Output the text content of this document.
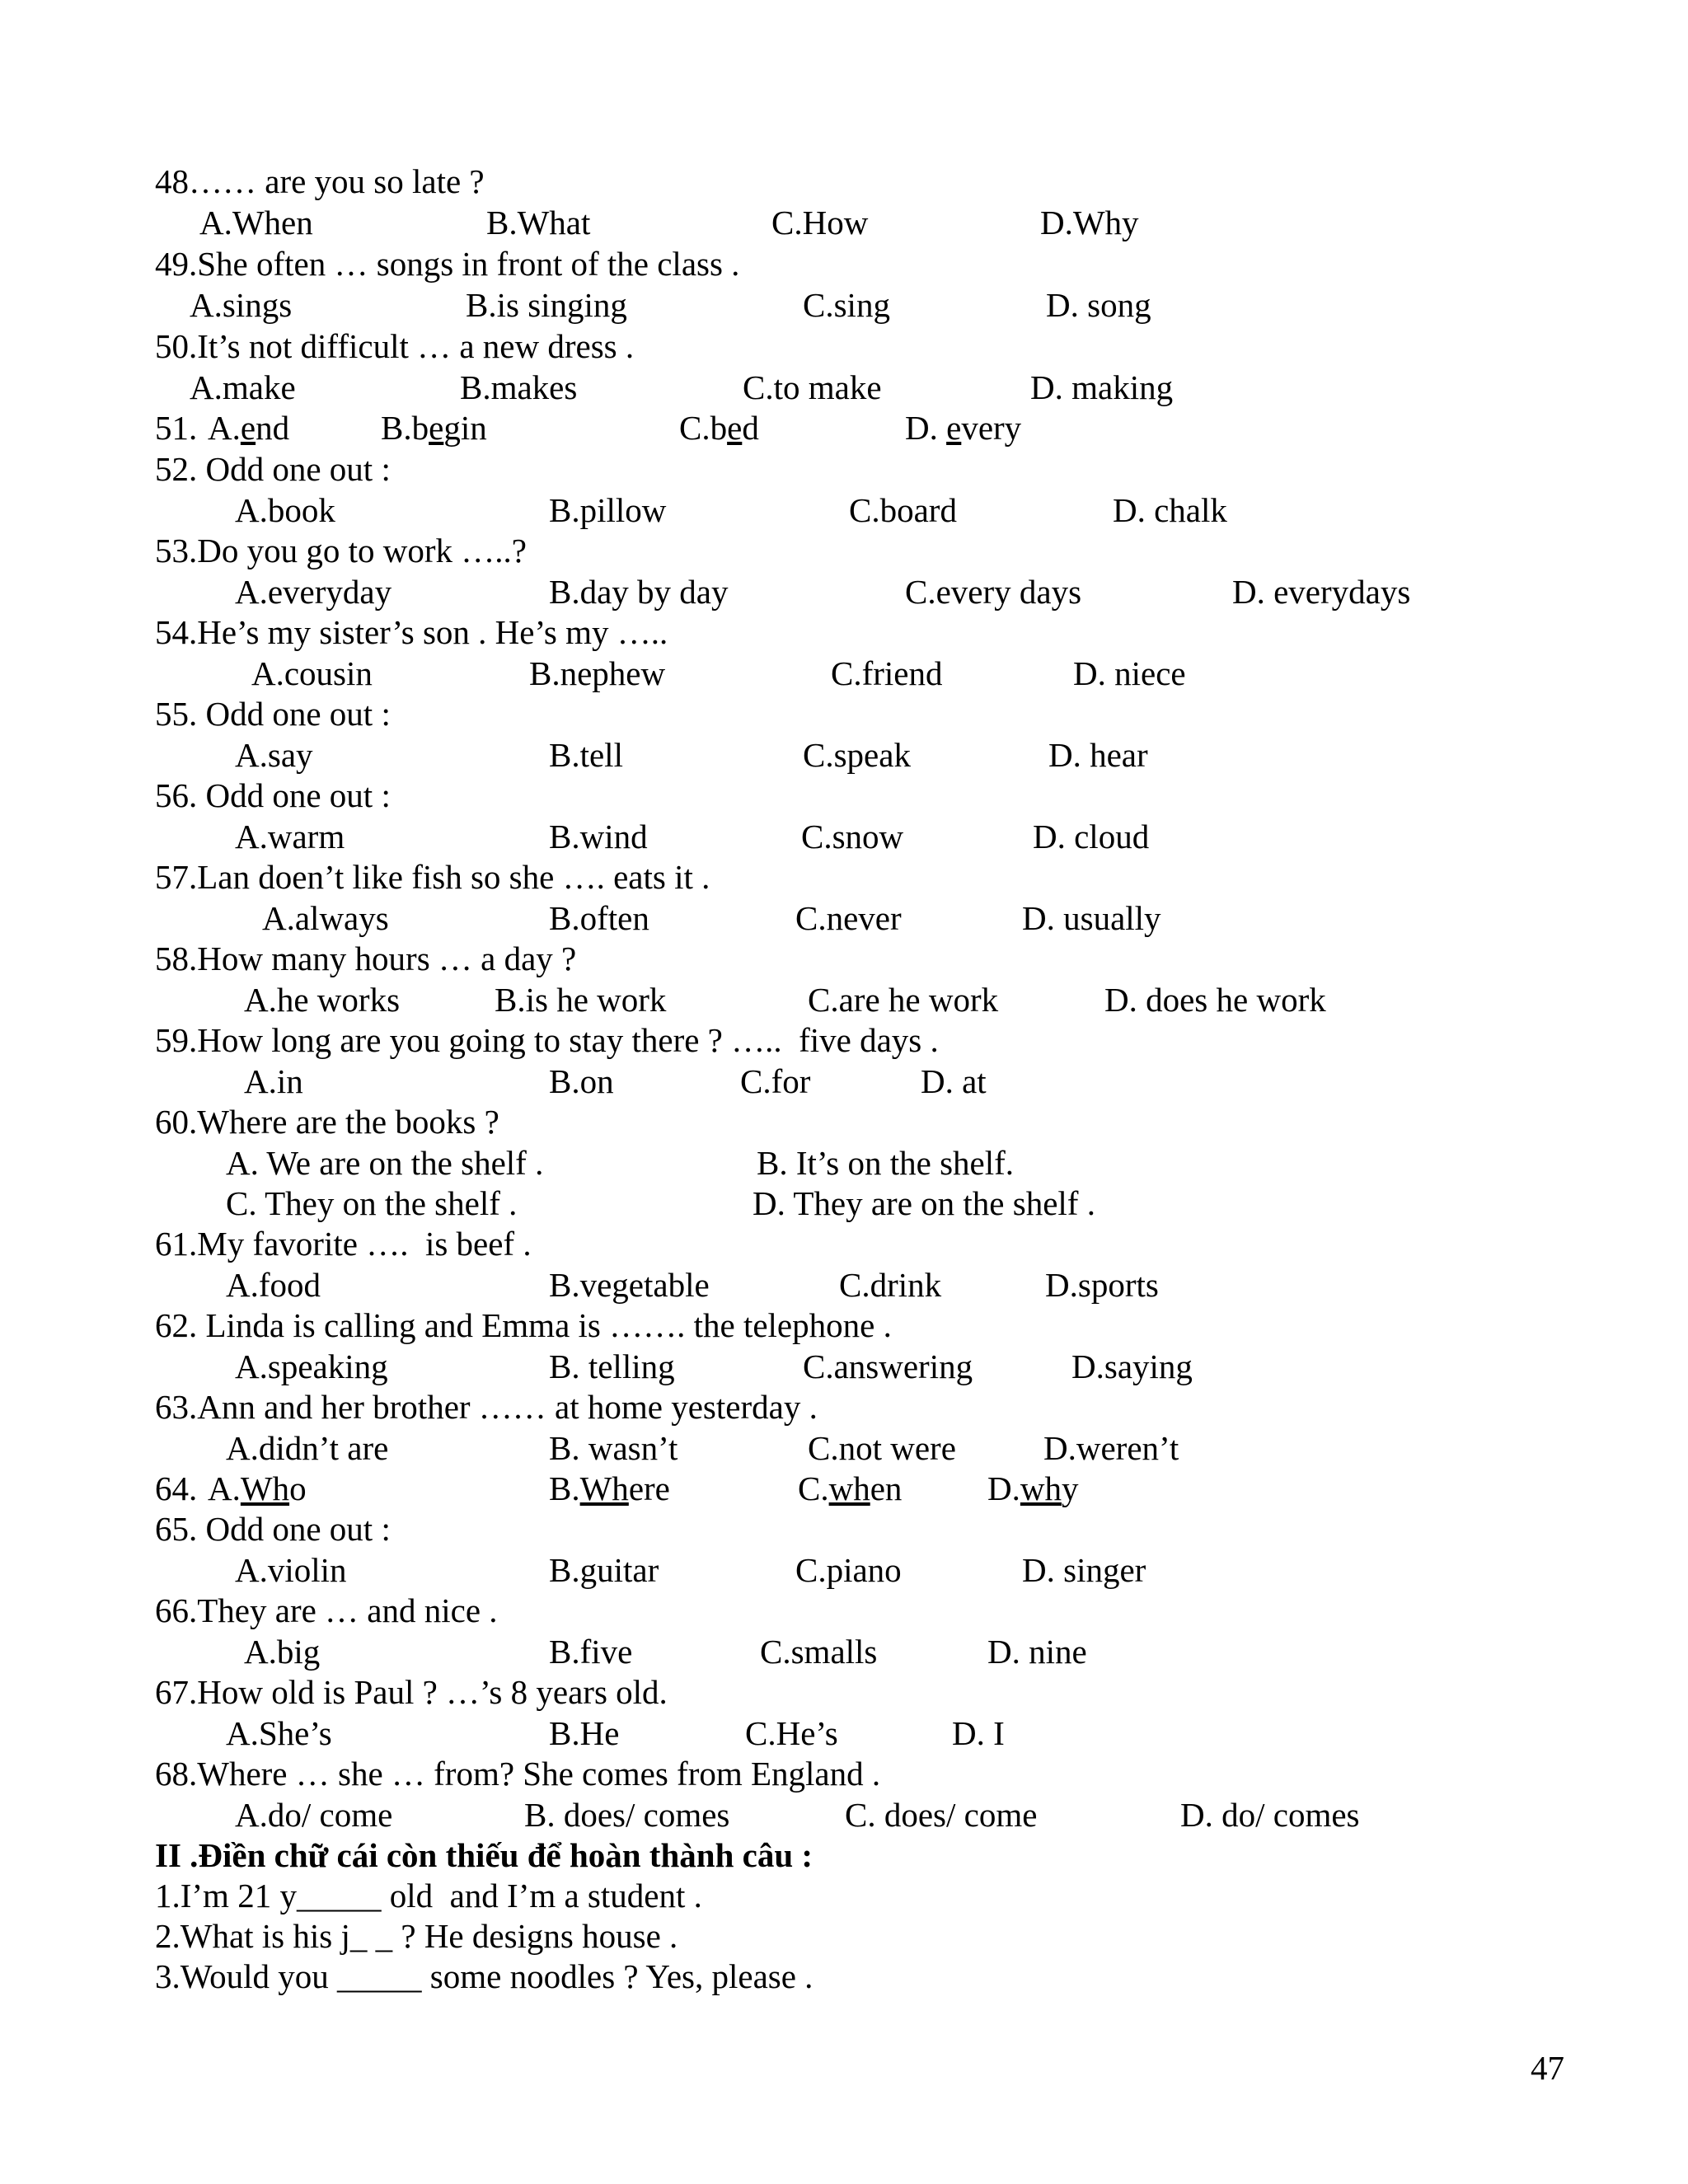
48…… are you so late ?
A.When	B.What	C.How	D.Why
49.She often … songs in front of the class .
A.sings	B.is singing	C.sing	D. song
50.It’s not difficult … a new dress .
A.make	B.makes	C.to make	D. making
51. A.end	B.begin	C.bed	D. every
52. Odd one out :
A.book	B.pillow	C.board	D. chalk
53.Do you go to work …..?
A.everyday	B.day by day	C.every days	D. everydays
54.He’s my sister’s son . He’s my …..
A.cousin	B.nephew	C.friend	D. niece
55. Odd one out :
A.say	B.tell	C.speak	D. hear
56. Odd one out :
A.warm	B.wind	C.snow	D. cloud
57.Lan doen’t like fish so she …. eats it .
A.always	B.often	C.never	D. usually
58.How many hours … a day ?
A.he works	B.is he work	C.are he work	D. does he work
59.How long are you going to stay there ? …..  five days .
A.in	B.on	C.for	D. at
60.Where are the books ?
A. We are on the shelf .	B. It’s on the shelf.
C. They on the shelf .	D. They are on the shelf .
61.My favorite ….  is beef .
A.food	B.vegetable	C.drink	D.sports
62. Linda is calling and Emma is ……. the telephone .
A.speaking	B. telling	C.answering	D.saying
63.Ann and her brother …… at home yesterday .
A.didn’t are	B. wasn’t	C.not were	D.weren’t
64. A.Who	B.Where	C.when	D.why
65. Odd one out :
A.violin	B.guitar	C.piano	D. singer
66.They are … and nice .
A.big	B.five	C.smalls	D. nine
67.How old is Paul ? …’s 8 years old.
A.She’s	B.He	C.He’s	D. I
68.Where … she … from? She comes from England .
A.do/ come	B. does/ comes	C. does/ come	D. do/ comes
II .Điền chữ cái còn thiếu để hoàn thành câu :
1.I’m 21 y_____ old  and I’m a student .
2.What is his j_ _ ? He designs house .
3.Would you _____ some noodles ? Yes, please .
47
